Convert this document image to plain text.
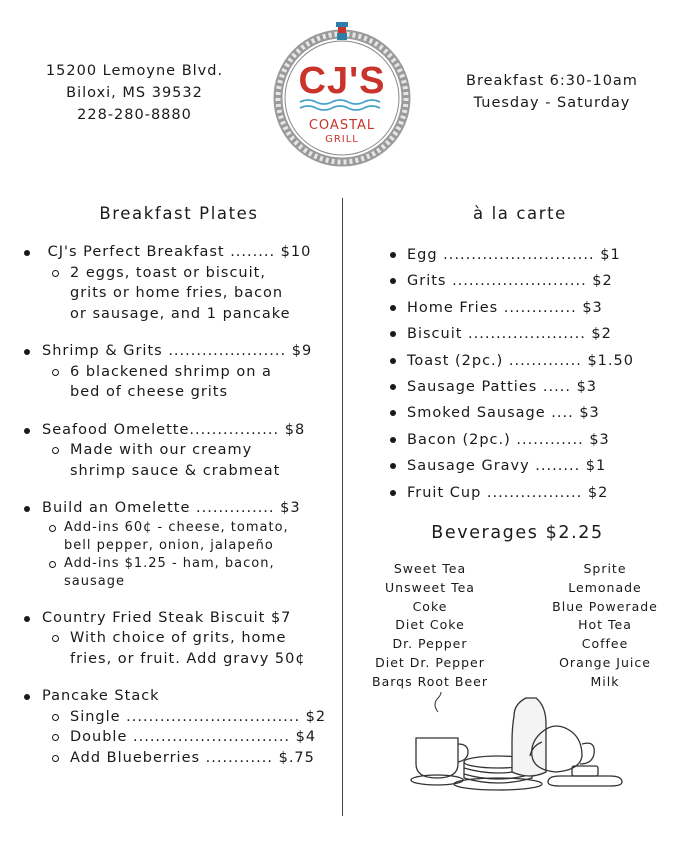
15200 Lemoyne Blvd.
Biloxi, MS 39532
228-280-8880
CJ'S
COASTAL
GRILL
Breakfast 6:30-10am
Tuesday - Saturday
Breakfast Plates
CJ's Perfect Breakfast ........ $10
2 eggs, toast or biscuit,
grits or home fries, bacon
or sausage, and 1 pancake
Shrimp & Grits ..................... $9
6 blackened shrimp on a
bed of cheese grits
Seafood Omelette................ $8
Made with our creamy
shrimp sauce & crabmeat
Build an Omelette .............. $3
Add-ins 60¢ - cheese, tomato,
bell pepper, onion, jalapeño
Add-ins $1.25 - ham, bacon,
sausage
Country Fried Steak Biscuit $7
With choice of grits, home
fries, or fruit. Add gravy 50¢
Pancake Stack
Single ............................... $2
Double ............................ $4
Add Blueberries ............ $.75
à la carte
Egg ........................... $1
Grits ........................ $2
Home Fries ............. $3
Biscuit ..................... $2
Toast (2pc.) ............. $1.50
Sausage Patties ..... $3
Smoked Sausage .... $3
Bacon (2pc.) ............ $3
Sausage Gravy ........ $1
Fruit Cup ................. $2
Beverages $2.25
Sweet Tea
Unsweet Tea
Coke
Diet Coke
Dr. Pepper
Diet Dr. Pepper
Barqs Root Beer
Sprite
Lemonade
Blue Powerade
Hot Tea
Coffee
Orange Juice
Milk
